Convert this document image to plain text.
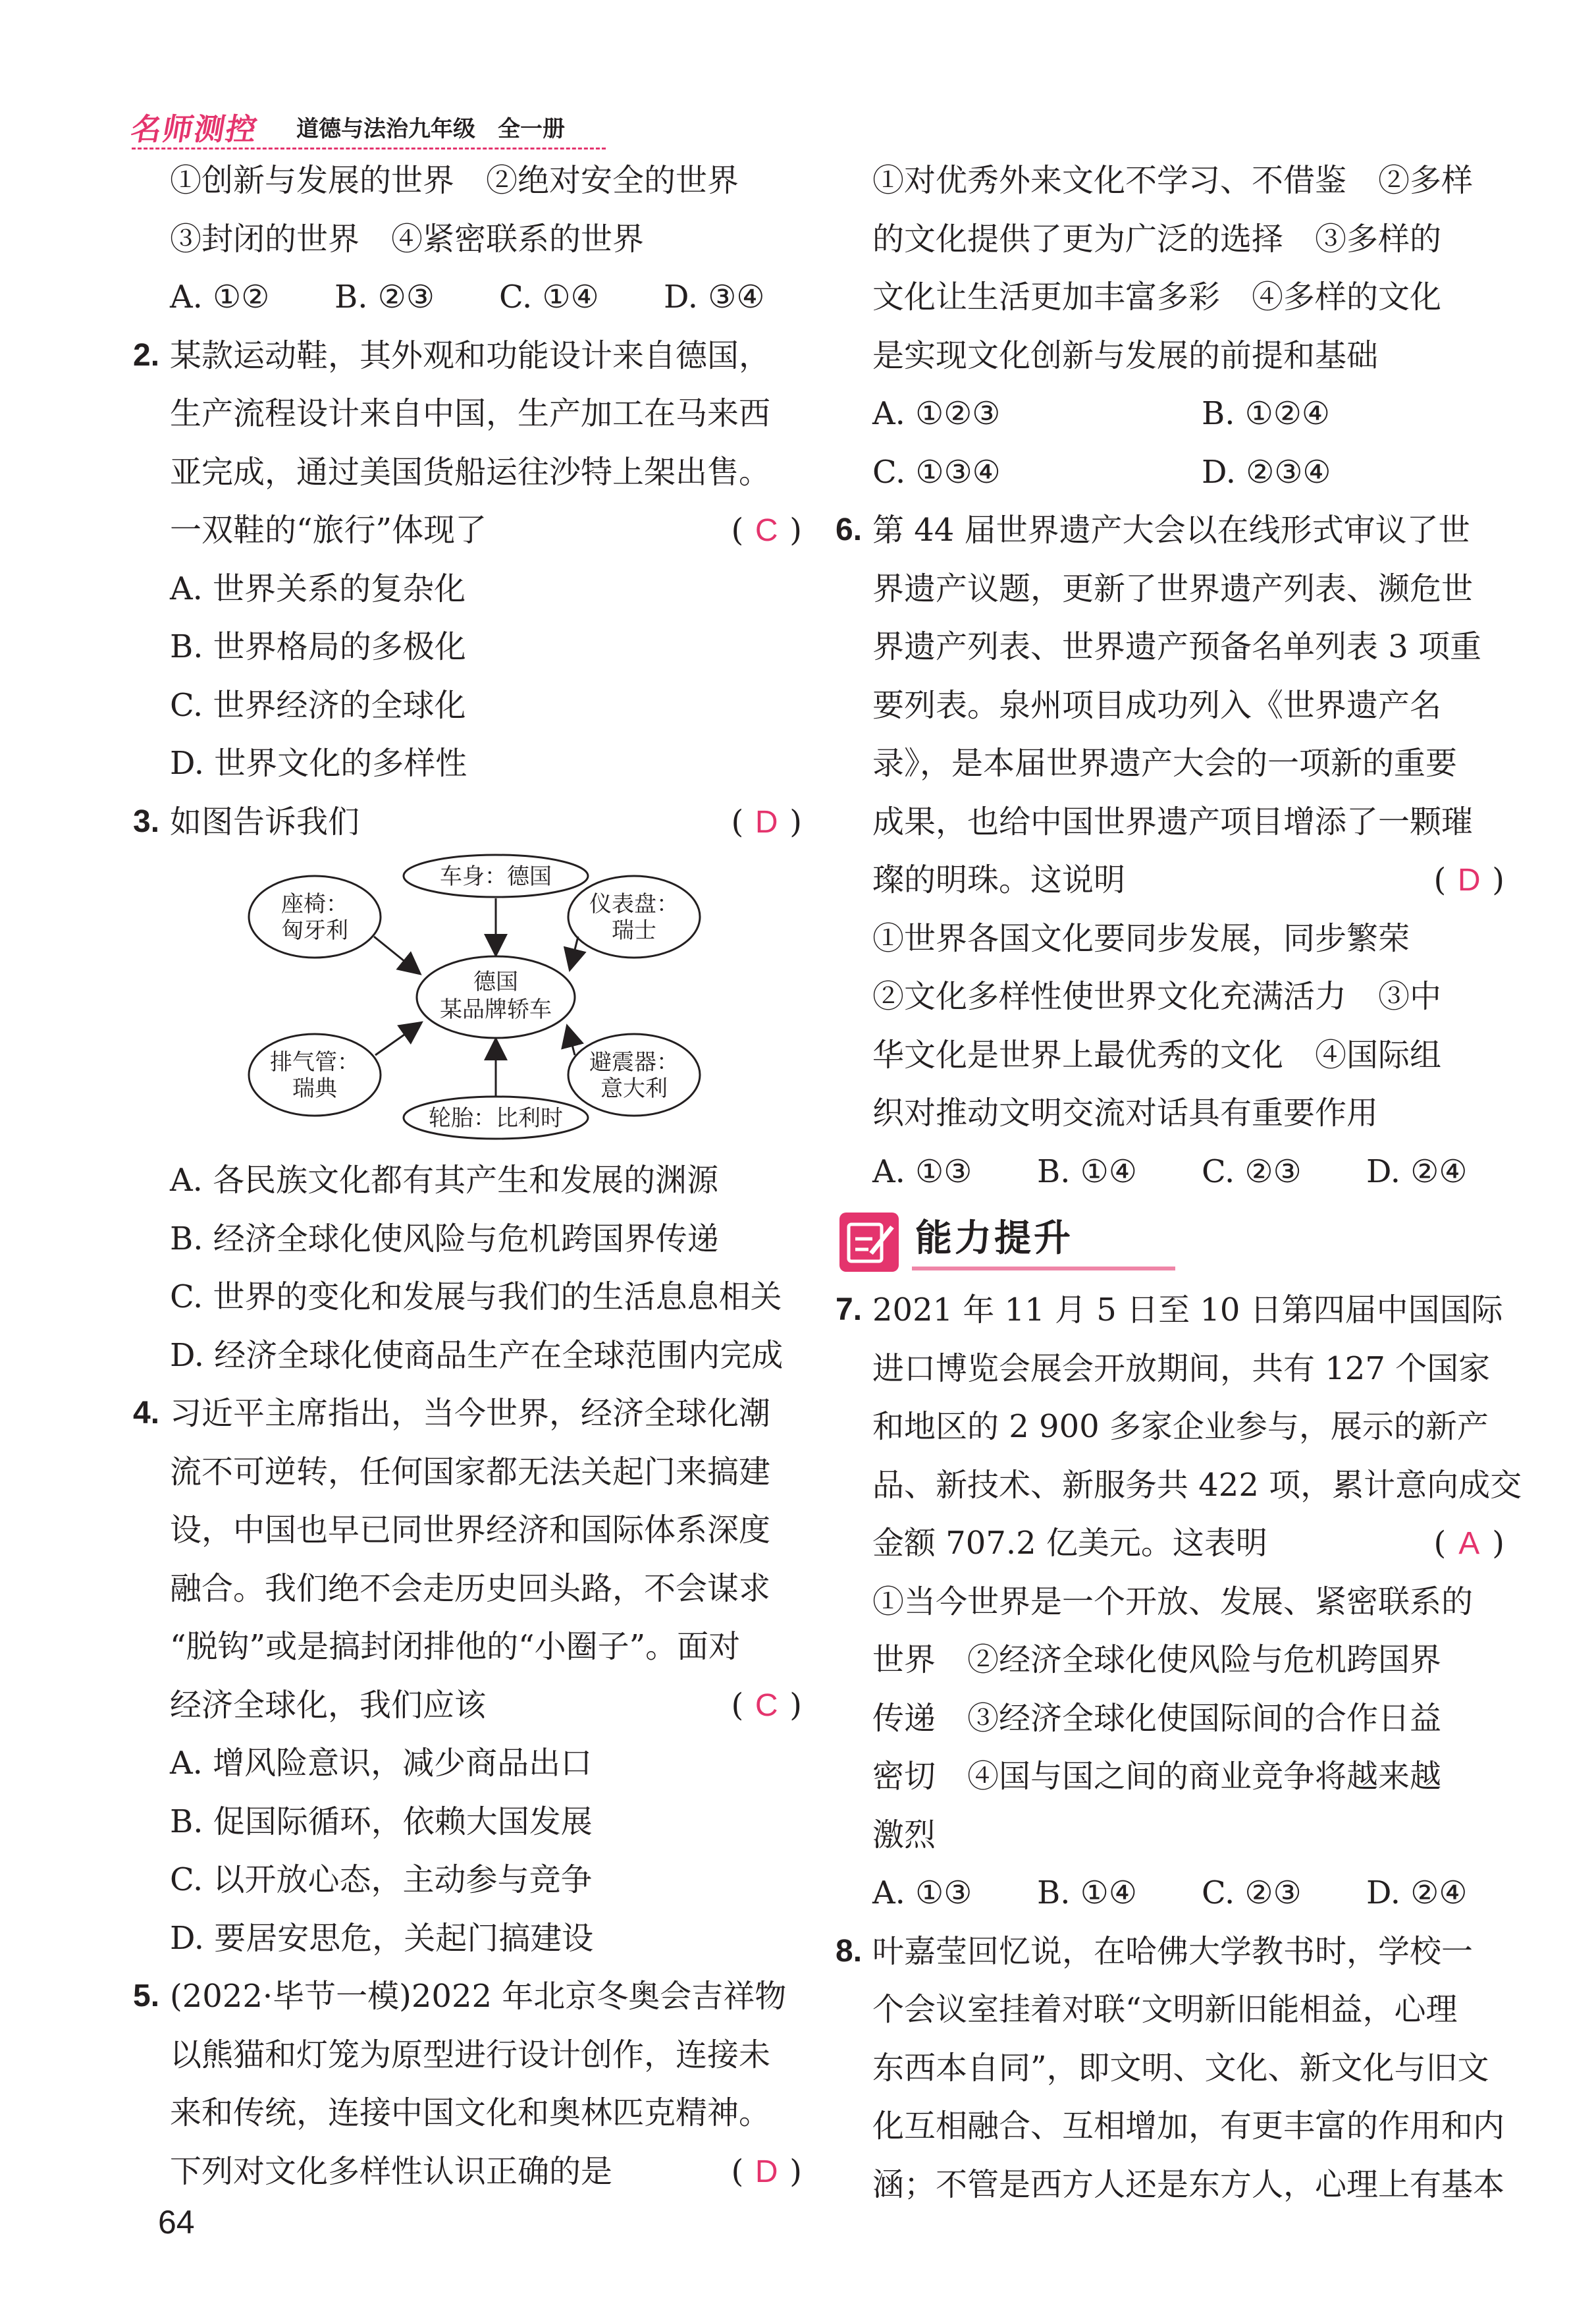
名师测控 道德与法治九年级　全一册
①创新与发展的世界　②绝对安全的世界
③封闭的世界　④紧密联系的世界
A. ①② B. ②③ C. ①④ D. ③④
2. 某款运动鞋，其外观和功能设计来自德国，
生产流程设计来自中国，生产加工在马来西
亚完成，通过美国货船运往沙特上架出售。
一双鞋的“旅行”体现了	( C )
A. 世界关系的复杂化
B. 世界格局的多极化
C. 世界经济的全球化
D. 世界文化的多样性
3. 如图告诉我们	( D )
车身：德国
轮胎：比利时
德国
某品牌轿车
座椅：
匈牙利
仪表盘：
瑞士
排气管：
瑞典
避震器：
意大利
A. 各民族文化都有其产生和发展的渊源
B. 经济全球化使风险与危机跨国界传递
C. 世界的变化和发展与我们的生活息息相关
D. 经济全球化使商品生产在全球范围内完成
4. 习近平主席指出，当今世界，经济全球化潮
流不可逆转，任何国家都无法关起门来搞建
设，中国也早已同世界经济和国际体系深度
融合。我们绝不会走历史回头路，不会谋求
“脱钩”或是搞封闭排他的“小圈子”。面对
经济全球化，我们应该	( C )
A. 增风险意识，减少商品出口
B. 促国际循环，依赖大国发展
C. 以开放心态，主动参与竞争
D. 要居安思危，关起门搞建设
5. (2022·毕节一模)2022 年北京冬奥会吉祥物
以熊猫和灯笼为原型进行设计创作，连接未
来和传统，连接中国文化和奥林匹克精神。
下列对文化多样性认识正确的是	( D )
①对优秀外来文化不学习、不借鉴　②多样
的文化提供了更为广泛的选择　③多样的
文化让生活更加丰富多彩　④多样的文化
是实现文化创新与发展的前提和基础
A. ①②③	B. ①②④
C. ①③④	D. ②③④
6. 第 44 届世界遗产大会以在线形式审议了世
界遗产议题，更新了世界遗产列表、濒危世
界遗产列表、世界遗产预备名单列表 3 项重
要列表。泉州项目成功列入《世界遗产名
录》，是本届世界遗产大会的一项新的重要
成果，也给中国世界遗产项目增添了一颗璀
璨的明珠。这说明	( D )
①世界各国文化要同步发展，同步繁荣
②文化多样性使世界文化充满活力　③中
华文化是世界上最优秀的文化　④国际组
织对推动文明交流对话具有重要作用
A. ①③ B. ①④ C. ②③ D. ②④
能力提升
7. 2021 年 11 月 5 日至 10 日第四届中国国际
进口博览会展会开放期间，共有 127 个国家
和地区的 2 900 多家企业参与，展示的新产
品、新技术、新服务共 422 项，累计意向成交
金额 707.2 亿美元。这表明	( A )
①当今世界是一个开放、发展、紧密联系的
世界　②经济全球化使风险与危机跨国界
传递　③经济全球化使国际间的合作日益
密切　④国与国之间的商业竞争将越来越
激烈
A. ①③ B. ①④ C. ②③ D. ②④
8. 叶嘉莹回忆说，在哈佛大学教书时，学校一
个会议室挂着对联“文明新旧能相益，心理
东西本自同”，即文明、文化、新文化与旧文
化互相融合、互相增加，有更丰富的作用和内
涵；不管是西方人还是东方人，心理上有基本
64
